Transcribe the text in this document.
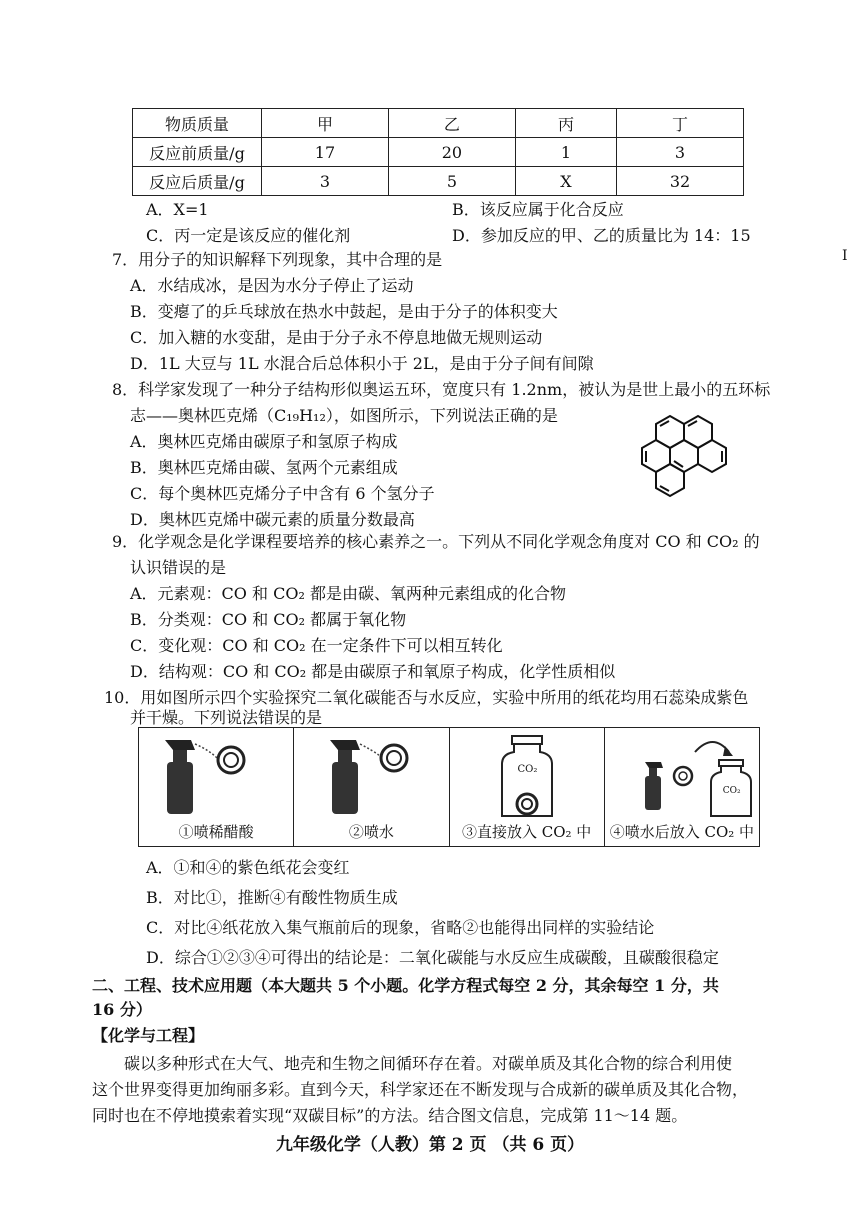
物质质量	甲	乙	丙	丁
反应前质量/g	17	20	1	3
反应后质量/g	3	5	X	32
A．X=1	B．该反应属于化合反应
C．丙一定是该反应的催化剂	D．参加反应的甲、乙的质量比为 14：15
I
7．用分子的知识解释下列现象，其中合理的是
A．水结成冰，是因为水分子停止了运动
B．变瘪了的乒乓球放在热水中鼓起，是由于分子的体积变大
C．加入糖的水变甜，是由于分子永不停息地做无规则运动
D．1L 大豆与 1L 水混合后总体积小于 2L，是由于分子间有间隙
8．科学家发现了一种分子结构形似奥运五环，宽度只有 1.2nm，被认为是世上最小的五环标
志——奥林匹克烯（C₁₉H₁₂），如图所示，下列说法正确的是
A．奥林匹克烯由碳原子和氢原子构成
B．奥林匹克烯由碳、氢两个元素组成
C．每个奥林匹克烯分子中含有 6 个氢分子
D．奥林匹克烯中碳元素的质量分数最高
9．化学观念是化学课程要培养的核心素养之一。下列从不同化学观念角度对 CO 和 CO₂ 的
认识错误的是
A．元素观：CO 和 CO₂ 都是由碳、氧两种元素组成的化合物
B．分类观：CO 和 CO₂ 都属于氧化物
C．变化观：CO 和 CO₂ 在一定条件下可以相互转化
D．结构观：CO 和 CO₂ 都是由碳原子和氧原子构成，化学性质相似
10．用如图所示四个实验探究二氧化碳能否与水反应，实验中所用的纸花均用石蕊染成紫色
并干燥。下列说法错误的是
①喷稀醋酸	②喷水
CO₂
③直接放入 CO₂ 中
CO₂
④喷水后放入 CO₂ 中
A．①和④的紫色纸花会变红
B．对比①，推断④有酸性物质生成
C．对比④纸花放入集气瓶前后的现象，省略②也能得出同样的实验结论
D．综合①②③④可得出的结论是：二氧化碳能与水反应生成碳酸，且碳酸很稳定
二、工程、技术应用题（本大题共 5 个小题。化学方程式每空 2 分，其余每空 1 分，共
16 分）
【化学与工程】
碳以多种形式在大气、地壳和生物之间循环存在着。对碳单质及其化合物的综合利用使
这个世界变得更加绚丽多彩。直到今天，科学家还在不断发现与合成新的碳单质及其化合物，
同时也在不停地摸索着实现“双碳目标”的方法。结合图文信息，完成第 11～14 题。
九年级化学（人教）第 2 页 （共 6 页）
